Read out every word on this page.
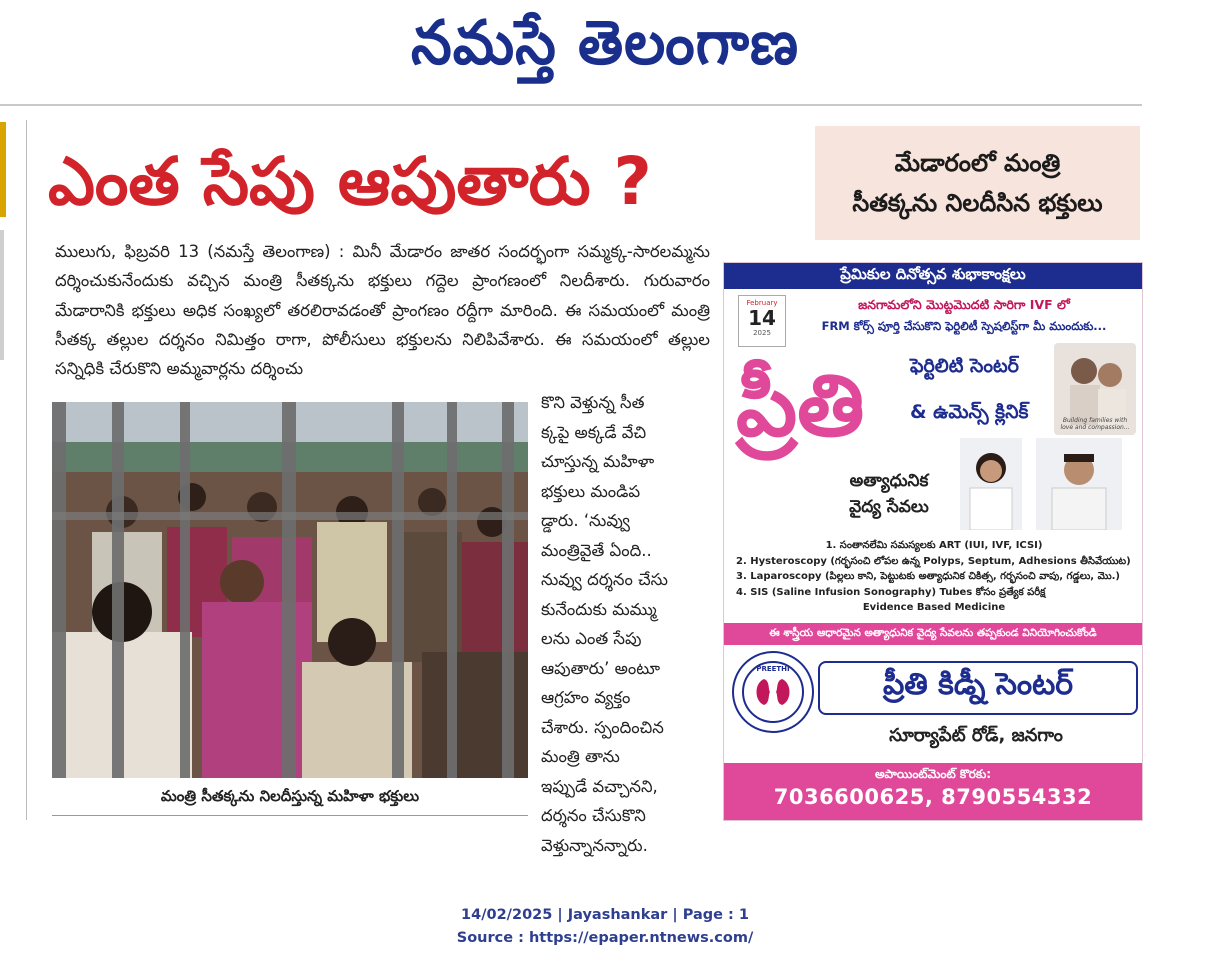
నమస్తే తెలంగాణ
ఎంత సేపు ఆపుతారు ?	మేడారంలో మంత్రి
సీతక్కను నిలదీసిన భక్తులు
ములుగు, ఫిబ్రవరి 13 (నమస్తే తెలంగాణ) : మినీ మేడారం జాతర సందర్భంగా సమ్మక్క-సారలమ్మను దర్శించుకునేందుకు వచ్చిన మంత్రి సీతక్కను భక్తులు గద్దెల ప్రాంగణంలో నిలదీశారు. గురువారం మేడారానికి భక్తులు అధిక సంఖ్యలో తరలిరావడంతో ప్రాంగణం రద్దీగా మారింది. ఈ సమయంలో మంత్రి సీతక్క తల్లుల దర్శనం నిమిత్తం రాగా, పోలీసులు భక్తులను నిలిపివేశారు. ఈ సమయంలో తల్లుల సన్నిధికి చేరుకొని అమ్మవార్లను దర్శించు
కొని వెళ్తున్న సీత
క్కపై అక్కడే వేచి
చూస్తున్న మహిళా
భక్తులు మండిప
డ్డారు. ‘నువ్వు
మంత్రివైతే ఏంది..
నువ్వు దర్శనం చేసు
కునేందుకు మమ్ము
లను ఎంత సేపు
ఆపుతారు’ అంటూ
ఆగ్రహం వ్యక్తం
చేశారు. స్పందించిన
మంత్రి తాను
ఇప్పుడే వచ్చానని,
దర్శనం చేసుకొని
వెళ్తున్నానన్నారు.
మంత్రి సీతక్కను నిలదీస్తున్న మహిళా భక్తులు
ప్రేమికుల దినోత్సవ శుభాకాంక్షలు
February
14
2025
జనగామలోని మొట్టమొదటి సారిగా IVF లో
FRM కోర్స్ పూర్తి చేసుకొని ఫెర్టిలిటీ స్పెషలిస్ట్‌గా మీ ముందుకు...
ప్రీతి	ఫెర్టిలిటి సెంటర్
& ఉమెన్స్ క్లినిక్	Building families with love and compassion...
అత్యాధునిక
వైద్య సేవలు
1. సంతానలేమి సమస్యలకు ART (IUI, IVF, ICSI)
2. Hysteroscopy (గర్భసంచి లోపల ఉన్న Polyps, Septum, Adhesions తీసివేయుట)
3. Laparoscopy (పిల్లలు కాని, పెట్టుటకు అత్యాధునిక చికిత్స, గర్భసంచి వాపు, గడ్డలు, మొ.)
4. SIS (Saline Infusion Sonography) Tubes కోసం ప్రత్యేక పరీక్ష
Evidence Based Medicine
ఈ శాస్త్రీయ ఆధారమైన అత్యాధునిక వైద్య సేవలను తప్పకుండ వినియోగించుకోండి
PREETHI	ప్రీతి కిడ్నీ సెంటర్
సూర్యాపేట్ రోడ్, జనగాం
అపాయింట్‌మెంట్ కొరకు:
7036600625, 8790554332
14/02/2025 | Jayashankar | Page : 1
Source : https://epaper.ntnews.com/
